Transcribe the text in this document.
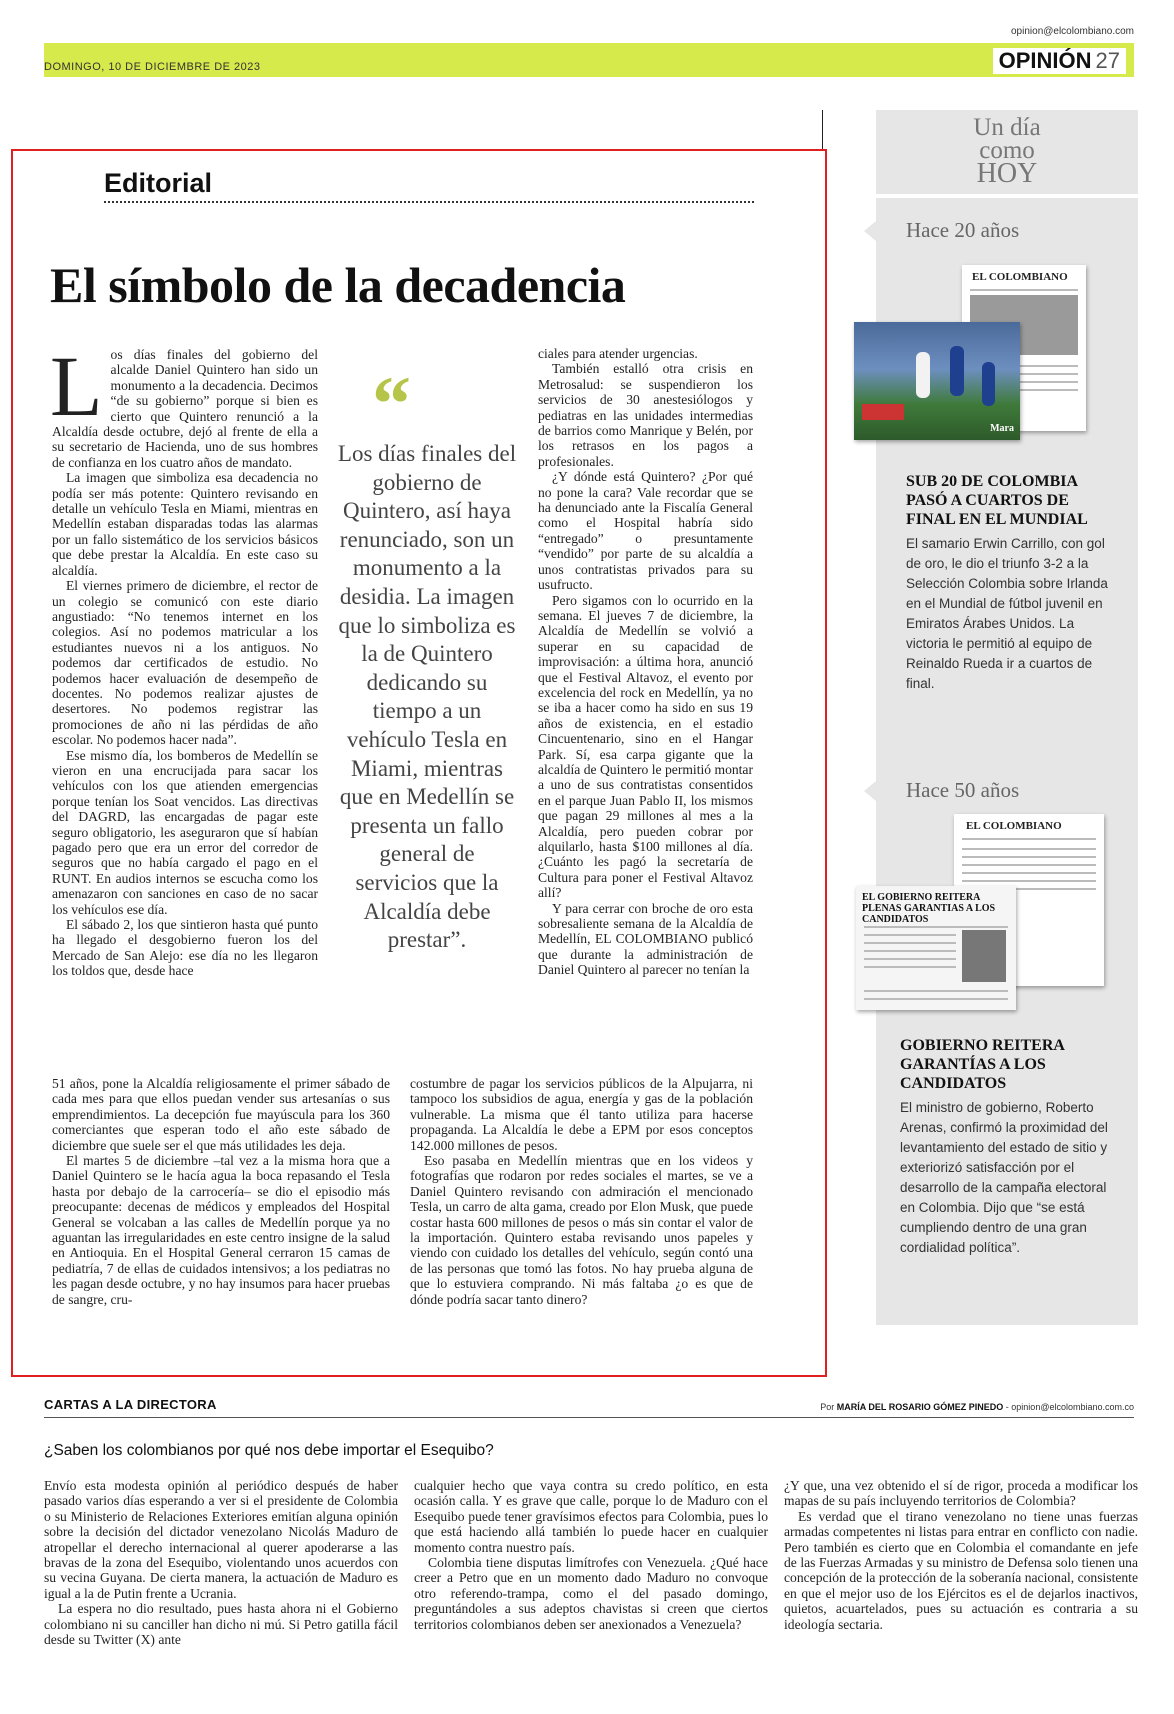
opinion@elcolombiano.com
DOMINGO, 10 DE DICIEMBRE DE 2023	OPINIÓN 27
Editorial
El símbolo de la decadencia
L os días finales del gobierno del alcalde Daniel Quintero han sido un monumento a la decadencia. Decimos “de su gobierno” porque si bien es cierto que Quintero renunció a la Alcaldía desde octubre, dejó al frente de ella a su secretario de Hacienda, uno de sus hombres de confianza en los cuatro años de mandato.

La imagen que simboliza esa decadencia no podía ser más potente: Quintero revisando en detalle un vehículo Tesla en Miami, mientras en Medellín estaban disparadas todas las alarmas por un fallo sistemático de los servicios básicos que debe prestar la Alcaldía. En este caso su alcaldía.

El viernes primero de diciembre, el rector de un colegio se comunicó con este diario angustiado: “No tenemos internet en los colegios. Así no podemos matricular a los estudiantes nuevos ni a los antiguos. No podemos dar certificados de estudio. No podemos hacer evaluación de desempeño de docentes. No podemos realizar ajustes de desertores. No podemos registrar las promociones de año ni las pérdidas de año escolar. No podemos hacer nada”.

Ese mismo día, los bomberos de Medellín se vieron en una encrucijada para sacar los vehículos con los que atienden emergencias porque tenían los Soat vencidos. Las directivas del DAGRD, las encargadas de pagar este seguro obligatorio, les aseguraron que sí habían pagado pero que era un error del corredor de seguros que no había cargado el pago en el RUNT. En audios internos se escucha como los amenazaron con sanciones en caso de no sacar los vehículos ese día.

El sábado 2, los que sintieron hasta qué punto ha llegado el desgobierno fueron los del Mercado de San Alejo: ese día no les llegaron los toldos que, desde hace

51 años, pone la Alcaldía religiosamente el primer sábado de cada mes para que ellos puedan vender sus artesanías o sus emprendimientos. La decepción fue mayúscula para los 360 comerciantes que esperan todo el año este sábado de diciembre que suele ser el que más utilidades les deja.

El martes 5 de diciembre –tal vez a la misma hora que a Daniel Quintero se le hacía agua la boca repasando el Tesla hasta por debajo de la carrocería– se dio el episodio más preocupante: decenas de médicos y empleados del Hospital General se volcaban a las calles de Medellín porque ya no aguantan las irregularidades en este centro insigne de la salud en Antioquia. En el Hospital General cerraron 15 camas de pediatría, 7 de ellas de cuidados intensivos; a los pediatras no les pagan desde octubre, y no hay insumos para hacer pruebas de sangre, cru-

“
Los días finales del gobierno de Quintero, así haya renunciado, son un monumento a la desidia. La imagen que lo simboliza es la de Quintero dedicando su tiempo a un vehículo Tesla en Miami, mientras que en Medellín se presenta un fallo general de servicios que la Alcaldía debe prestar”.

ciales para atender urgencias.

También estalló otra crisis en Metrosalud: se suspendieron los servicios de 30 anestesiólogos y pediatras en las unidades intermedias de barrios como Manrique y Belén, por los retrasos en los pagos a profesionales.

¿Y dónde está Quintero? ¿Por qué no pone la cara? Vale recordar que se ha denunciado ante la Fiscalía General como el Hospital habría sido “entregado” o presuntamente “vendido” por parte de su alcaldía a unos contratistas privados para su usufructo.

Pero sigamos con lo ocurrido en la semana. El jueves 7 de diciembre, la Alcaldía de Medellín se volvió a superar en su capacidad de improvisación: a última hora, anunció que el Festival Altavoz, el evento por excelencia del rock en Medellín, ya no se iba a hacer como ha sido en sus 19 años de existencia, en el estadio Cincuentenario, sino en el Hangar Park. Sí, esa carpa gigante que la alcaldía de Quintero le permitió montar a uno de sus contratistas consentidos en el parque Juan Pablo II, los mismos que pagan 29 millones al mes a la Alcaldía, pero pueden cobrar por alquilarlo, hasta $100 millones al día. ¿Cuánto les pagó la secretaría de Cultura para poner el Festival Altavoz allí?

Y para cerrar con broche de oro esta sobresaliente semana de la Alcaldía de Medellín, EL COLOMBIANO publicó que durante la administración de Daniel Quintero al parecer no tenían la

costumbre de pagar los servicios públicos de la Alpujarra, ni tampoco los subsidios de agua, energía y gas de la población vulnerable. La misma que él tanto utiliza para hacerse propaganda. La Alcaldía le debe a EPM por esos conceptos 142.000 millones de pesos.

Eso pasaba en Medellín mientras que en los videos y fotografías que rodaron por redes sociales el martes, se ve a Daniel Quintero revisando con admiración el mencionado Tesla, un carro de alta gama, creado por Elon Musk, que puede costar hasta 600 millones de pesos o más sin contar el valor de la importación. Quintero estaba revisando unos papeles y viendo con cuidado los detalles del vehículo, según contó una de las personas que tomó las fotos. No hay prueba alguna de que lo estuviera comprando. Ni más faltaba ¿o es que de dónde podría sacar tanto dinero?

Un día
como
HOY
Hace 20 años
EL COLOMBIANO
Mara
SUB 20 DE COLOMBIA PASÓ A CUARTOS DE FINAL EN EL MUNDIAL
El samario Erwin Carrillo, con gol de oro, le dio el triunfo 3-2 a la Selección Colombia sobre Irlanda en el Mundial de fútbol juvenil en Emiratos Árabes Unidos. La victoria le permitió al equipo de Reinaldo Rueda ir a cuartos de final.
Hace 50 años
EL COLOMBIANO
EL GOBIERNO REITERA PLENAS GARANTIAS A LOS CANDIDATOS
GOBIERNO REITERA GARANTÍAS A LOS CANDIDATOS
El ministro de gobierno, Roberto Arenas, confirmó la proximidad del levantamiento del estado de sitio y exteriorizó satisfacción por el desarrollo de la campaña electoral en Colombia. Dijo que “se está cumpliendo dentro de una gran cordialidad política”.
CARTAS A LA DIRECTORA	Por MARÍA DEL ROSARIO GÓMEZ PINEDO - opinion@elcolombiano.com.co
¿Saben los colombianos por qué nos debe importar el Esequibo?

Envío esta modesta opinión al periódico después de haber pasado varios días esperando a ver si el presidente de Colombia o su Ministerio de Relaciones Exteriores emitían alguna opinión sobre la decisión del dictador venezolano Nicolás Maduro de atropellar el derecho internacional al querer apoderarse a las bravas de la zona del Esequibo, violentando unos acuerdos con su vecina Guyana. De cierta manera, la actuación de Maduro es igual a la de Putin frente a Ucrania.

La espera no dio resultado, pues hasta ahora ni el Gobierno colombiano ni su canciller han dicho ni mú. Si Petro gatilla fácil desde su Twitter (X) ante

cualquier hecho que vaya contra su credo político, en esta ocasión calla. Y es grave que calle, porque lo de Maduro con el Esequibo puede tener gravísimos efectos para Colombia, pues lo que está haciendo allá también lo puede hacer en cualquier momento contra nuestro país.

Colombia tiene disputas limítrofes con Venezuela. ¿Qué hace creer a Petro que en un momento dado Maduro no convoque otro referendo-trampa, como el del pasado domingo, preguntándoles a sus adeptos chavistas si creen que ciertos territorios colombianos deben ser anexionados a Venezuela?

¿Y que, una vez obtenido el sí de rigor, proceda a modificar los mapas de su país incluyendo territorios de Colombia?

Es verdad que el tirano venezolano no tiene unas fuerzas armadas competentes ni listas para entrar en conflicto con nadie. Pero también es cierto que en Colombia el comandante en jefe de las Fuerzas Armadas y su ministro de Defensa solo tienen una concepción de la protección de la soberanía nacional, consistente en que el mejor uso de los Ejércitos es el de dejarlos inactivos, quietos, acuartelados, pues su actuación es contraria a su ideología sectaria.
